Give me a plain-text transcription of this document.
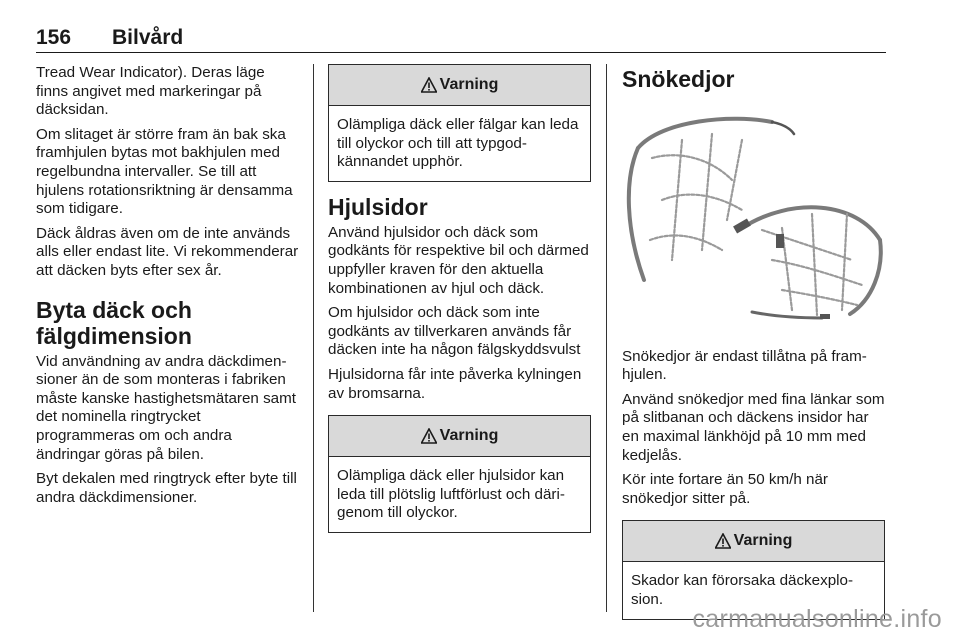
156 Bilvård

Tread Wear Indicator). Deras läge finns angivet med markeringar på däcksidan.

Om slitaget är större fram än bak ska framhjulen bytas mot bakhjulen med regelbundna intervaller. Se till att hjulens rotationsriktning är densamma som tidigare.

Däck åldras även om de inte används alls eller endast lite. Vi rekommenderar att däcken byts efter sex år.

Byta däck och fälgdimension

Vid användning av andra däckdimensioner än de som monteras i fabriken måste kanske hastighetsmätaren samt det nominella ringtrycket programmeras om och andra ändringar göras på bilen.

Byt dekalen med ringtryck efter byte till andra däckdimensioner.

Varning
Olämpliga däck eller fälgar kan leda till olyckor och till att typgodkännandet upphör.
Hjulsidor

Använd hjulsidor och däck som godkänts för respektive bil och därmed uppfyller kraven för den aktuella kombinationen av hjul och däck.

Om hjulsidor och däck som inte godkänts av tillverkaren används får däcken inte ha någon fälgskyddsvulst

Hjulsidorna får inte påverka kylningen av bromsarna.

Varning
Olämpliga däck eller hjulsidor kan leda till plötslig luftförlust och därigenom till olyckor.
Snökedjor

Snökedjor är endast tillåtna på framhjulen.

Använd snökedjor med fina länkar som på slitbanan och däckens insidor har en maximal länkhöjd på 10 mm med kedjelås.

Kör inte fortare än 50 km/h när snökedjor sitter på.

Varning
Skador kan förorsaka däckexplosion.
carmanualsonline.info
